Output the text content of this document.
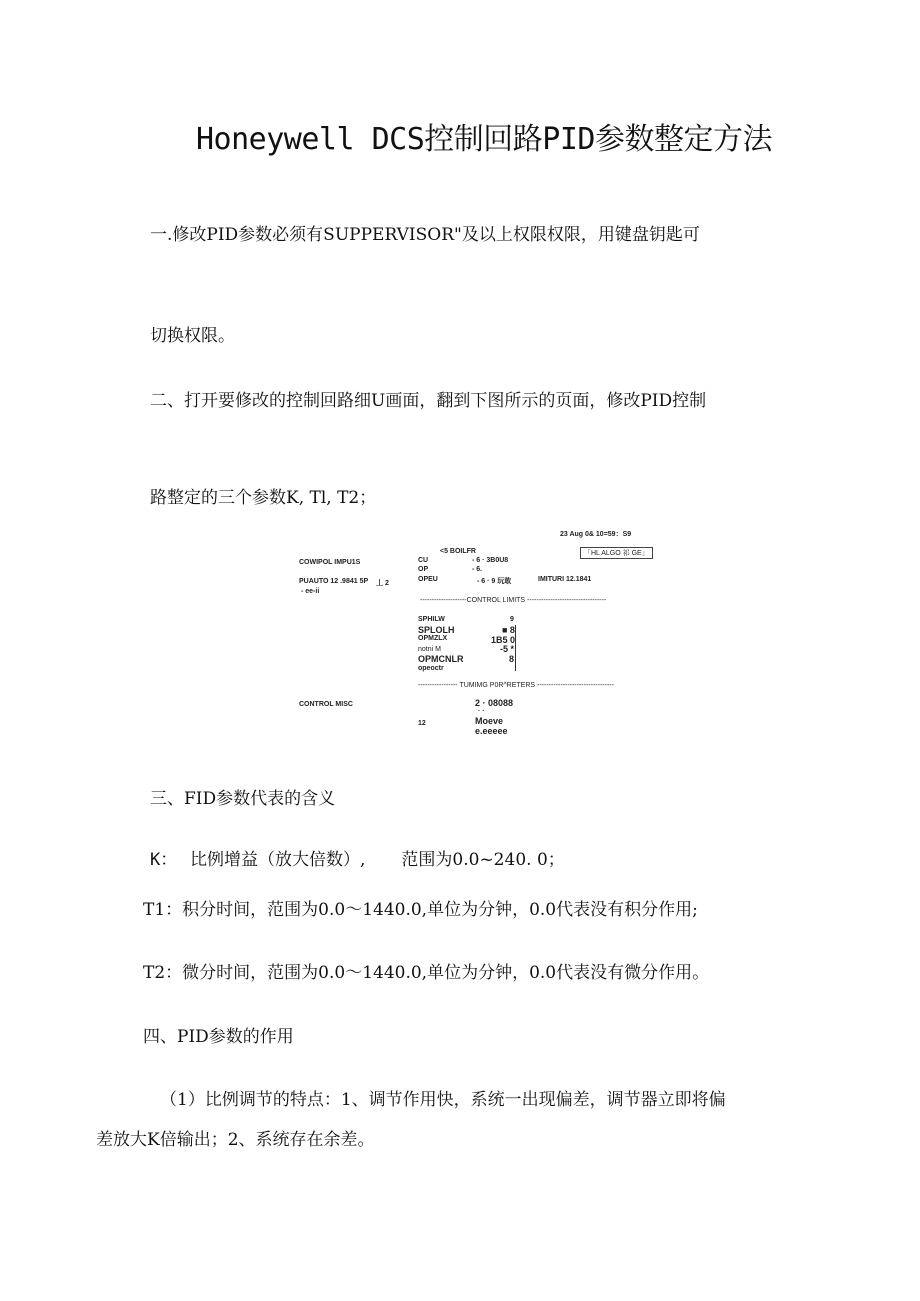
Honeywell DCS控制回路PID参数整定方法
一.修改PID参数必须有SUPPERVISOR"及以上权限权限，用键盘钥匙可
切换权限。
二、打开要修改的控制回路细U画面，翻到下图所示的页面，修改PID控制
路整定的三个参数K, Tl, T2；
23 Aug 0& 10=59：S9
<5 BOILFR	「HL ALGO 祁 GE」
COWIPOL IMPU1S	CU	- 6 · 3B0U8
OP	- 6.
PUAUTO 12 .9841 5P 丄 2
- ee-ii
OPEU	- 6 · 9 玩敢	IMITURI 12.1841
--------------------CONTROL LIMITS ----------------------------------
SPHILW	9
SPLOLH	■ 8
OPMZLX	1B5 0
notni M	-5 *
OPMCNLR	8
opeoctr
----------------- TUMIMG P0R^RETERS ---------------------------------
CONTROL MISC	2 · 08088
· ·
12	Moeve
e.eeeee
三、FID参数代表的含义
K： 比例增益（放大倍数）, 范围为0.0~240. 0；
T1：积分时间，范围为0.0～1440.0,单位为分钟，0.0代表没有积分作用;
T2：微分时间，范围为0.0～1440.0,单位为分钟，0.0代表没有微分作用。
四、PID参数的作用
（1）比例调节的特点：1、调节作用快，系统一出现偏差，调节器立即将偏
差放大K倍输出；2、系统存在余差。
